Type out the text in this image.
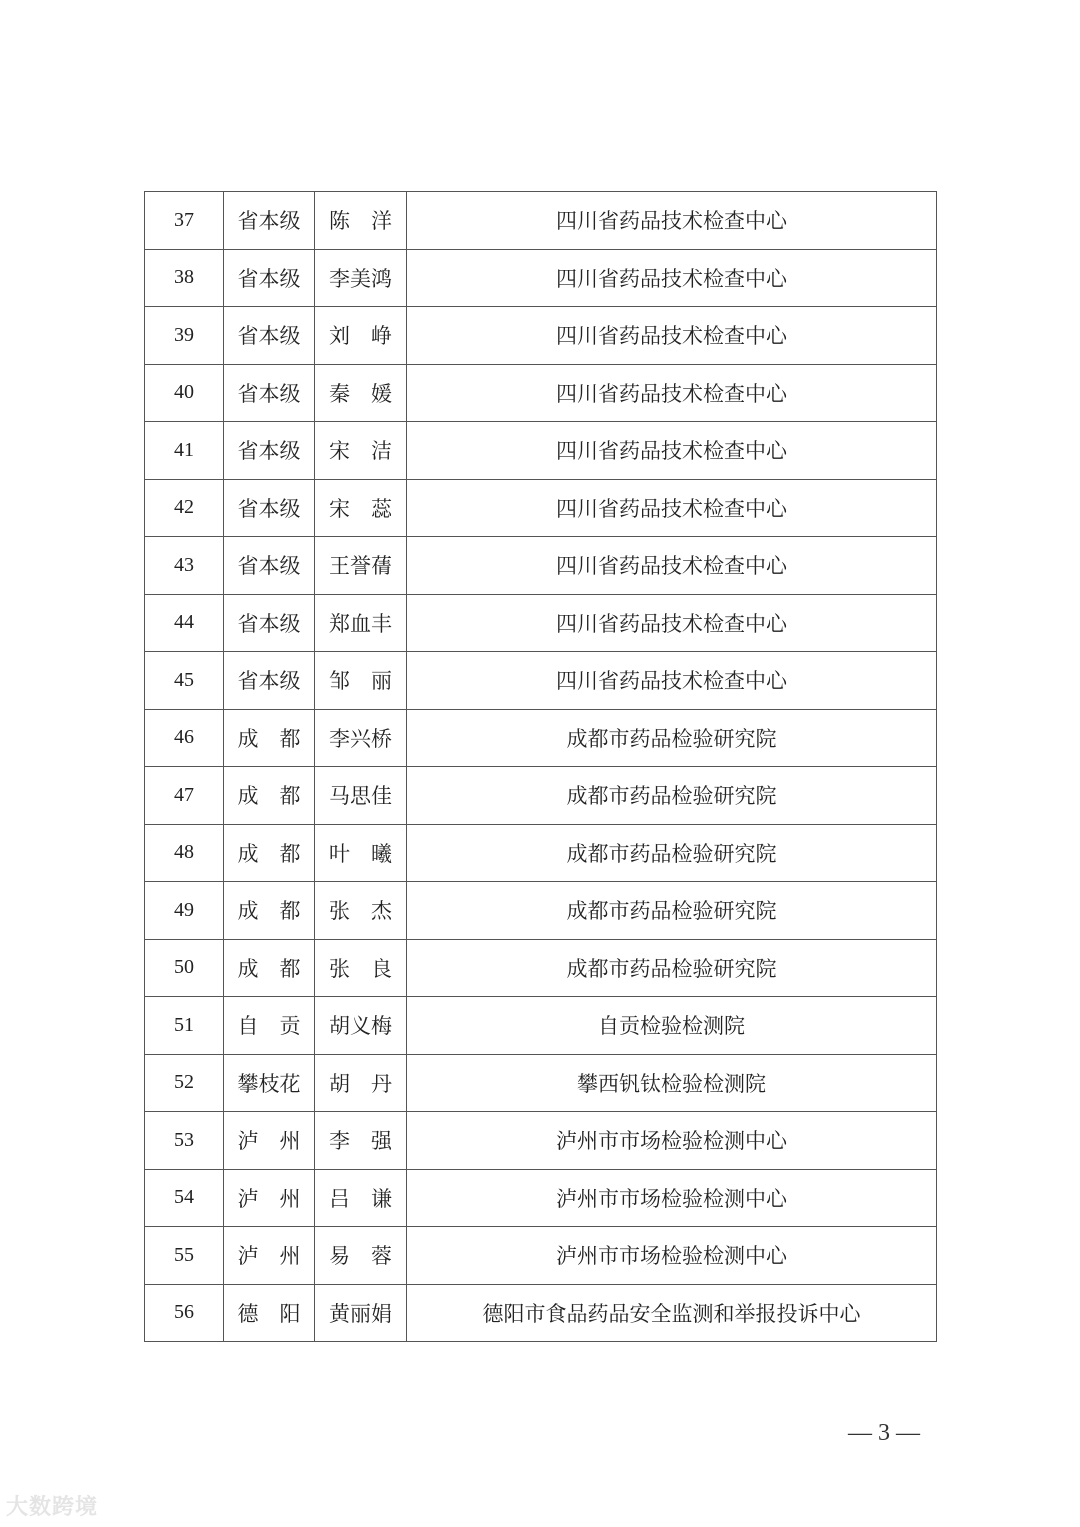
37	省本级	陈　洋	四川省药品技术检查中心
38	省本级	李美鸿	四川省药品技术检查中心
39	省本级	刘　峥	四川省药品技术检查中心
40	省本级	秦　媛	四川省药品技术检查中心
41	省本级	宋　洁	四川省药品技术检查中心
42	省本级	宋　蕊	四川省药品技术检查中心
43	省本级	王誉蒨	四川省药品技术检查中心
44	省本级	郑血丰	四川省药品技术检查中心
45	省本级	邹　丽	四川省药品技术检查中心
46	成　都	李兴桥	成都市药品检验研究院
47	成　都	马思佳	成都市药品检验研究院
48	成　都	叶　曦	成都市药品检验研究院
49	成　都	张　杰	成都市药品检验研究院
50	成　都	张　良	成都市药品检验研究院
51	自　贡	胡义梅	自贡检验检测院
52	攀枝花	胡　丹	攀西钒钛检验检测院
53	泸　州	李　强	泸州市市场检验检测中心
54	泸　州	吕　谦	泸州市市场检验检测中心
55	泸　州	易　蓉	泸州市市场检验检测中心
56	德　阳	黄丽娟	德阳市食品药品安全监测和举报投诉中心
— 3 —
大数跨境
